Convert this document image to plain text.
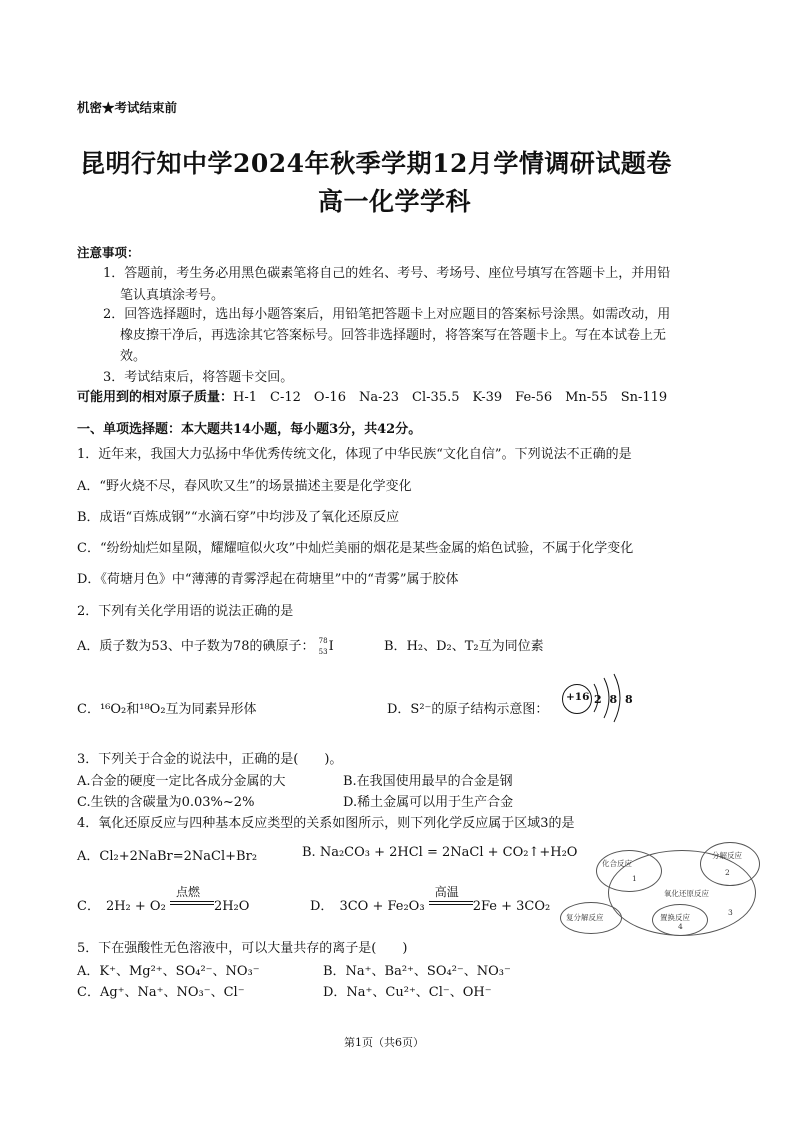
机密★考试结束前
昆明行知中学2024年秋季学期12月学情调研试题卷
高一化学学科
注意事项：
1．答题前，考生务必用黑色碳素笔将自己的姓名、考号、考场号、座位号填写在答题卡上，并用铅
笔认真填涂考号。
2．回答选择题时，选出每小题答案后，用铅笔把答题卡上对应题目的答案标号涂黑。如需改动，用
橡皮擦干净后，再选涂其它答案标号。回答非选择题时，将答案写在答题卡上。写在本试卷上无
效。
3．考试结束后，将答题卡交回。
可能用到的相对原子质量：H-1　C-12　O-16　Na-23　Cl-35.5　K-39　Fe-56　Mn-55　Sn-119
一、单项选择题：本大题共14小题，每小题3分，共42分。
1．近年来，我国大力弘扬中华优秀传统文化，体现了中华民族“文化自信”。下列说法不正确的是
A．“野火烧不尽，春风吹又生”的场景描述主要是化学变化
B．成语“百炼成钢”“水滴石穿”中均涉及了氧化还原反应
C．“纷纷灿烂如星陨，耀耀喧似火攻”中灿烂美丽的烟花是某些金属的焰色试验，不属于化学变化
D．《荷塘月色》中“薄薄的青雾浮起在荷塘里”中的“青雾”属于胶体
2．下列有关化学用语的说法正确的是
A．质子数为53、中子数为78的碘原子： 78
53 I	B．H₂、D₂、T₂互为同位素
C．¹⁶O₂和¹⁸O₂互为同素异形体	D．S²⁻的原子结构示意图：
+16 2 8 8
3．下列关于合金的说法中，正确的是(　　)。
A.合金的硬度一定比各成分金属的大	B.在我国使用最早的合金是钢
C.生铁的含碳量为0.03%~2%	D.稀土金属可以用于生产合金
4．氧化还原反应与四种基本反应类型的关系如图所示，则下列化学反应属于区域3的是
A．Cl₂+2NaBr=2NaCl+Br₂	B. Na₂CO₃ + 2HCl = 2NaCl + CO₂↑+H₂O
C． 2H₂ + O₂
点燃
2H₂O	D． 3CO + Fe₂O₃
高温
2Fe + 3CO₂
化合反应
1
分解反应
2
氧化还原反应
3
复分解反应	置换反应
4
5．下在强酸性无色溶液中，可以大量共存的离子是(　　)
A．K⁺、Mg²⁺、SO₄²⁻、NO₃⁻	B．Na⁺、Ba²⁺、SO₄²⁻、NO₃⁻
C．Ag⁺、Na⁺、NO₃⁻、Cl⁻	D．Na⁺、Cu²⁺、Cl⁻、OH⁻
第1页（共6页）
